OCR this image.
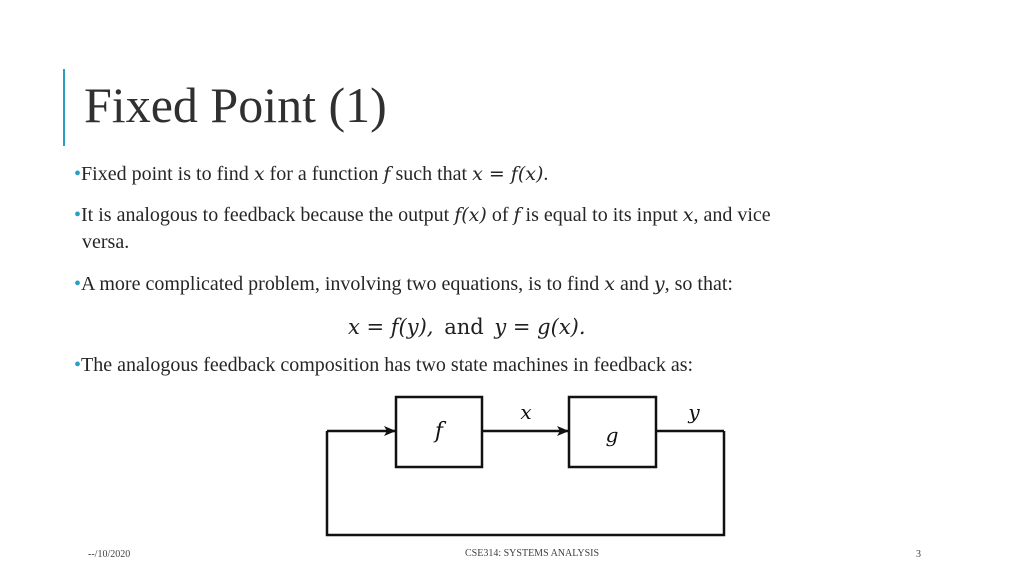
Fixed Point (1)
•Fixed point is to find x for a function f such that x = f(x).
•It is analogous to feedback because the output f(x) of f is equal to its input x, and vice
versa.
•A more complicated problem, involving two equations, is to find x and y, so that:
x = f(y), and y = g(x).
•The analogous feedback composition has two state machines in feedback as:
f	g
x	y
--/10/2020	CSE314: SYSTEMS ANALYSIS	3
